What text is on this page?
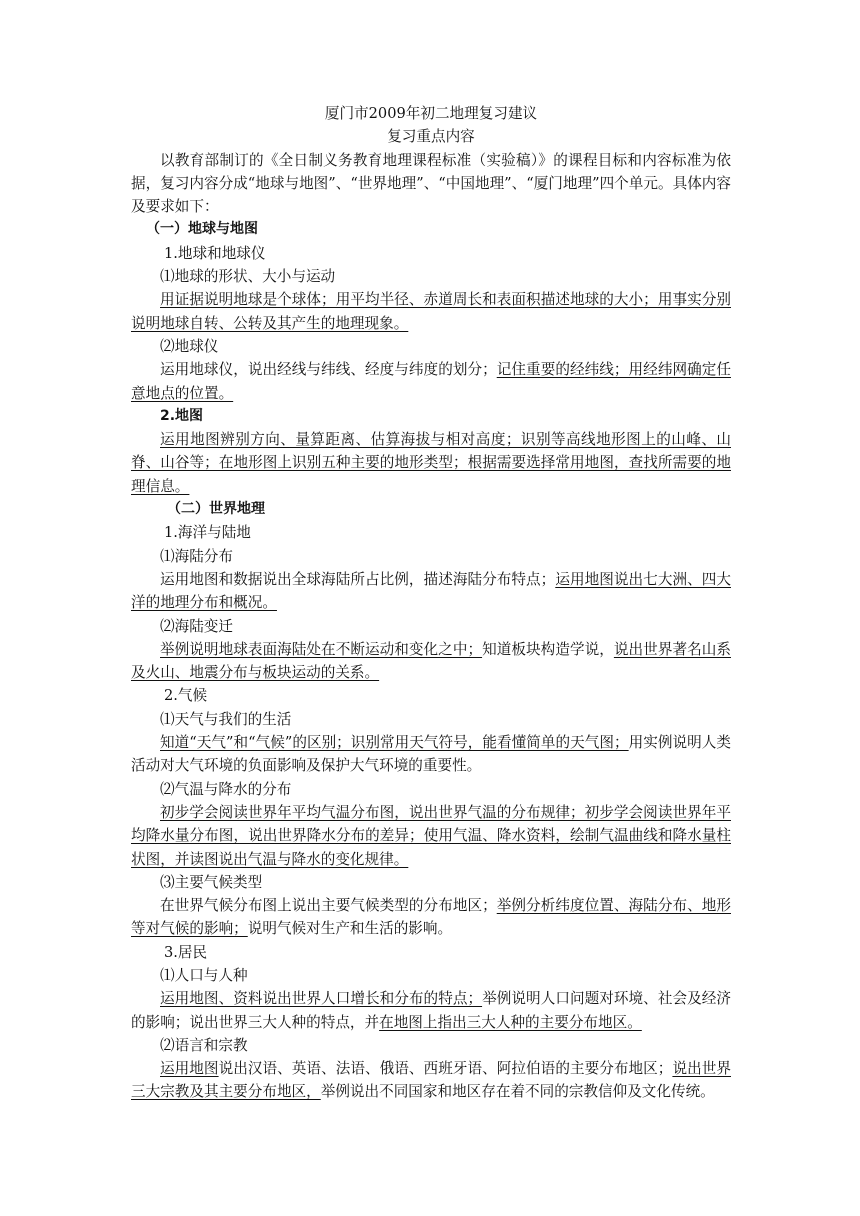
厦门市2009年初二地理复习建议

复习重点内容

以教育部制订的《全日制义务教育地理课程标准（实验稿）》的课程目标和内容标准为依据，复习内容分成“地球与地图”、“世界地理”、“中国地理”、“厦门地理”四个单元。具体内容及要求如下：

（一）地球与地图

1.地球和地球仪

⑴地球的形状、大小与运动

用证据说明地球是个球体；用平均半径、赤道周长和表面积描述地球的大小；用事实分别说明地球自转、公转及其产生的地理现象。

⑵地球仪

运用地球仪，说出经线与纬线、经度与纬度的划分；记住重要的经纬线；用经纬网确定任意地点的位置。

2.地图

运用地图辨别方向、量算距离、估算海拔与相对高度；识别等高线地形图上的山峰、山脊、山谷等；在地形图上识别五种主要的地形类型；根据需要选择常用地图，查找所需要的地理信息。

（二）世界地理

1.海洋与陆地

⑴海陆分布

运用地图和数据说出全球海陆所占比例，描述海陆分布特点；运用地图说出七大洲、四大洋的地理分布和概况。

⑵海陆变迁

举例说明地球表面海陆处在不断运动和变化之中；知道板块构造学说，说出世界著名山系及火山、地震分布与板块运动的关系。

2.气候

⑴天气与我们的生活

知道“天气”和“气候”的区别；识别常用天气符号，能看懂简单的天气图；用实例说明人类活动对大气环境的负面影响及保护大气环境的重要性。

⑵气温与降水的分布

初步学会阅读世界年平均气温分布图，说出世界气温的分布规律；初步学会阅读世界年平均降水量分布图，说出世界降水分布的差异；使用气温、降水资料，绘制气温曲线和降水量柱状图，并读图说出气温与降水的变化规律。

⑶主要气候类型

在世界气候分布图上说出主要气候类型的分布地区；举例分析纬度位置、海陆分布、地形等对气候的影响；说明气候对生产和生活的影响。

3.居民

⑴人口与人种

运用地图、资料说出世界人口增长和分布的特点；举例说明人口问题对环境、社会及经济的影响；说出世界三大人种的特点，并在地图上指出三大人种的主要分布地区。

⑵语言和宗教

运用地图说出汉语、英语、法语、俄语、西班牙语、阿拉伯语的主要分布地区；说出世界三大宗教及其主要分布地区，举例说出不同国家和地区存在着不同的宗教信仰及文化传统。
